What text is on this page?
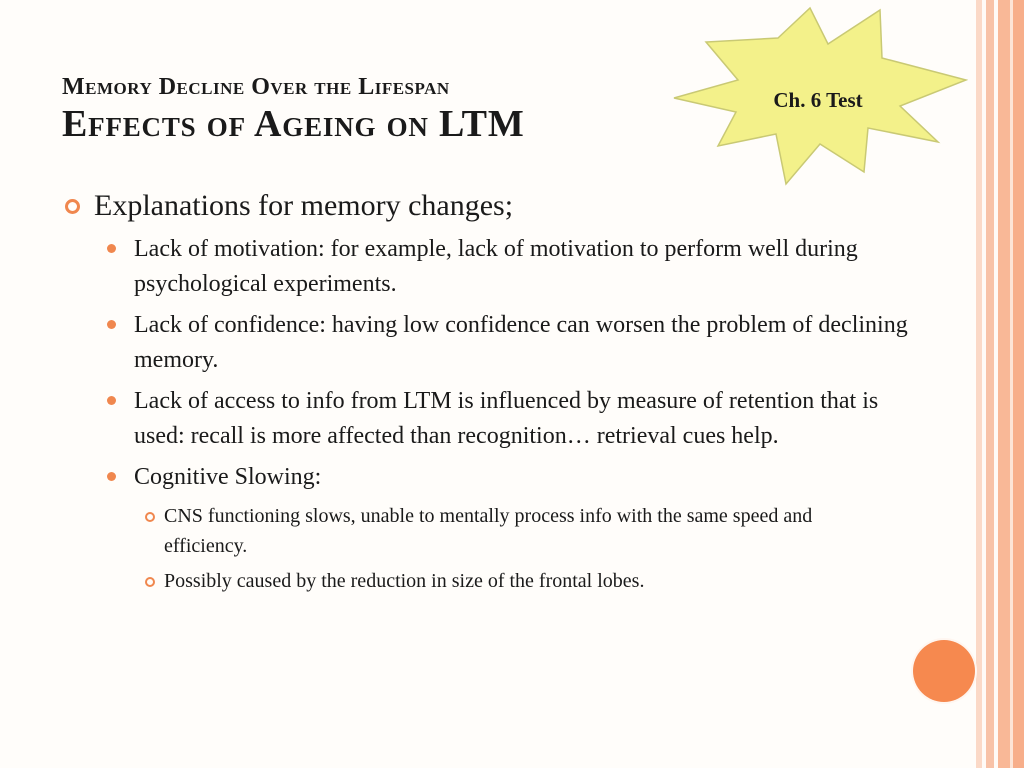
Memory Decline Over the Lifespan
Effects of Ageing on LTM
Ch. 6 Test
Explanations for memory changes;
Lack of motivation: for example, lack of motivation to perform well during psychological experiments.
Lack of confidence: having low confidence can worsen the problem of declining memory.
Lack of access to info from LTM is influenced by measure of retention that is used: recall is more affected than recognition… retrieval cues help.
Cognitive Slowing:
CNS functioning slows, unable to mentally process info with the same speed and efficiency.
Possibly caused by the reduction in size of the frontal lobes.
